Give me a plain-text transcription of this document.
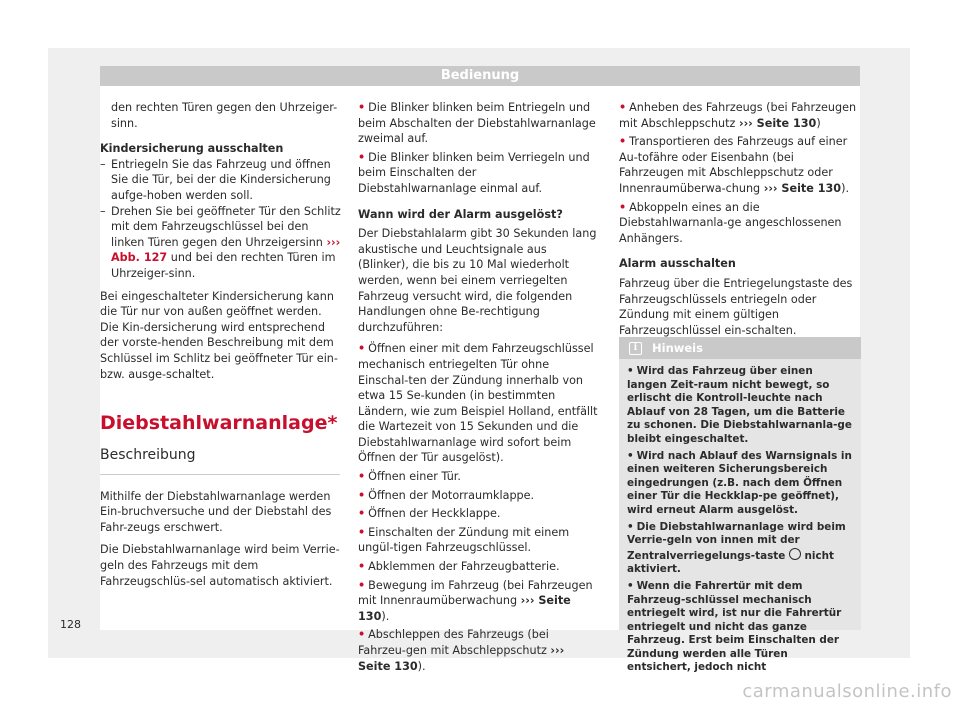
Bedienung

den rechten Türen gegen den Uhrzeiger-
sinn.

Kindersicherung ausschalten

– Entriegeln Sie das Fahrzeug und öffnen Sie die Tür, bei der die Kindersicherung aufge-hoben werden soll.

– Drehen Sie bei geöffneter Tür den Schlitz mit dem Fahrzeugschlüssel bei den linken Türen gegen den Uhrzeigersinn ››› Abb. 127 und bei den rechten Türen im Uhrzeiger-sinn.

Bei eingeschalteter Kindersicherung kann die Tür nur von außen geöffnet werden. Die Kin-dersicherung wird entsprechend der vorste-henden Beschreibung mit dem Schlüssel im Schlitz bei geöffneter Tür ein- bzw. ausge-schaltet.

Diebstahlwarnanlage*

Beschreibung

Mithilfe der Diebstahlwarnanlage werden Ein-bruchversuche und der Diebstahl des Fahr-zeugs erschwert.

Die Diebstahlwarnanlage wird beim Verrie-geln des Fahrzeugs mit dem Fahrzeugschlüs-sel automatisch aktiviert.

• Die Blinker blinken beim Entriegeln und beim Abschalten der Diebstahlwarnanlage zweimal auf.

• Die Blinker blinken beim Verriegeln und beim Einschalten der Diebstahlwarnanlage einmal auf.

Wann wird der Alarm ausgelöst?

Der Diebstahlalarm gibt 30 Sekunden lang akustische und Leuchtsignale aus (Blinker), die bis zu 10 Mal wiederholt werden, wenn bei einem verriegelten Fahrzeug versucht wird, die folgenden Handlungen ohne Be-rechtigung durchzuführen:

• Öffnen einer mit dem Fahrzeugschlüssel mechanisch entriegelten Tür ohne Einschal-ten der Zündung innerhalb von etwa 15 Se-kunden (in bestimmten Ländern, wie zum Beispiel Holland, entfällt die Wartezeit von 15 Sekunden und die Diebstahlwarnanlage wird sofort beim Öffnen der Tür ausgelöst).

• Öffnen einer Tür.

• Öffnen der Motorraumklappe.

• Öffnen der Heckklappe.

• Einschalten der Zündung mit einem ungül-tigen Fahrzeugschlüssel.

• Abklemmen der Fahrzeugbatterie.

• Bewegung im Fahrzeug (bei Fahrzeugen mit Innenraumüberwachung ››› Seite 130).

• Abschleppen des Fahrzeugs (bei Fahrzeu-gen mit Abschleppschutz ››› Seite 130).

• Anheben des Fahrzeugs (bei Fahrzeugen mit Abschleppschutz ››› Seite 130)

• Transportieren des Fahrzeugs auf einer Au-tofähre oder Eisenbahn (bei Fahrzeugen mit Abschleppschutz oder Innenraumüberwa-chung ››› Seite 130).

• Abkoppeln eines an die Diebstahlwarnanla-ge angeschlossenen Anhängers.

Alarm ausschalten

Fahrzeug über die Entriegelungstaste des Fahrzeugschlüssels entriegeln oder Zündung mit einem gültigen Fahrzeugschlüssel ein-schalten.

i Hinweis

• Wird das Fahrzeug über einen langen Zeit-raum nicht bewegt, so erlischt die Kontroll-leuchte nach Ablauf von 28 Tagen, um die Batterie zu schonen. Die Diebstahlwarnanla-ge bleibt eingeschaltet.

• Wird nach Ablauf des Warnsignals in einen weiteren Sicherungsbereich eingedrungen (z.B. nach dem Öffnen einer Tür die Heckklap-pe geöffnet), wird erneut Alarm ausgelöst.

• Die Diebstahlwarnanlage wird beim Verrie-geln von innen mit der Zentralverriegelungs-taste  nicht aktiviert.

• Wenn die Fahrertür mit dem Fahrzeug-schlüssel mechanisch entriegelt wird, ist nur die Fahrertür entriegelt und nicht das ganze Fahrzeug. Erst beim Einschalten der Zündung werden alle Türen entsichert, jedoch nicht

128
carmanualsonline.info
